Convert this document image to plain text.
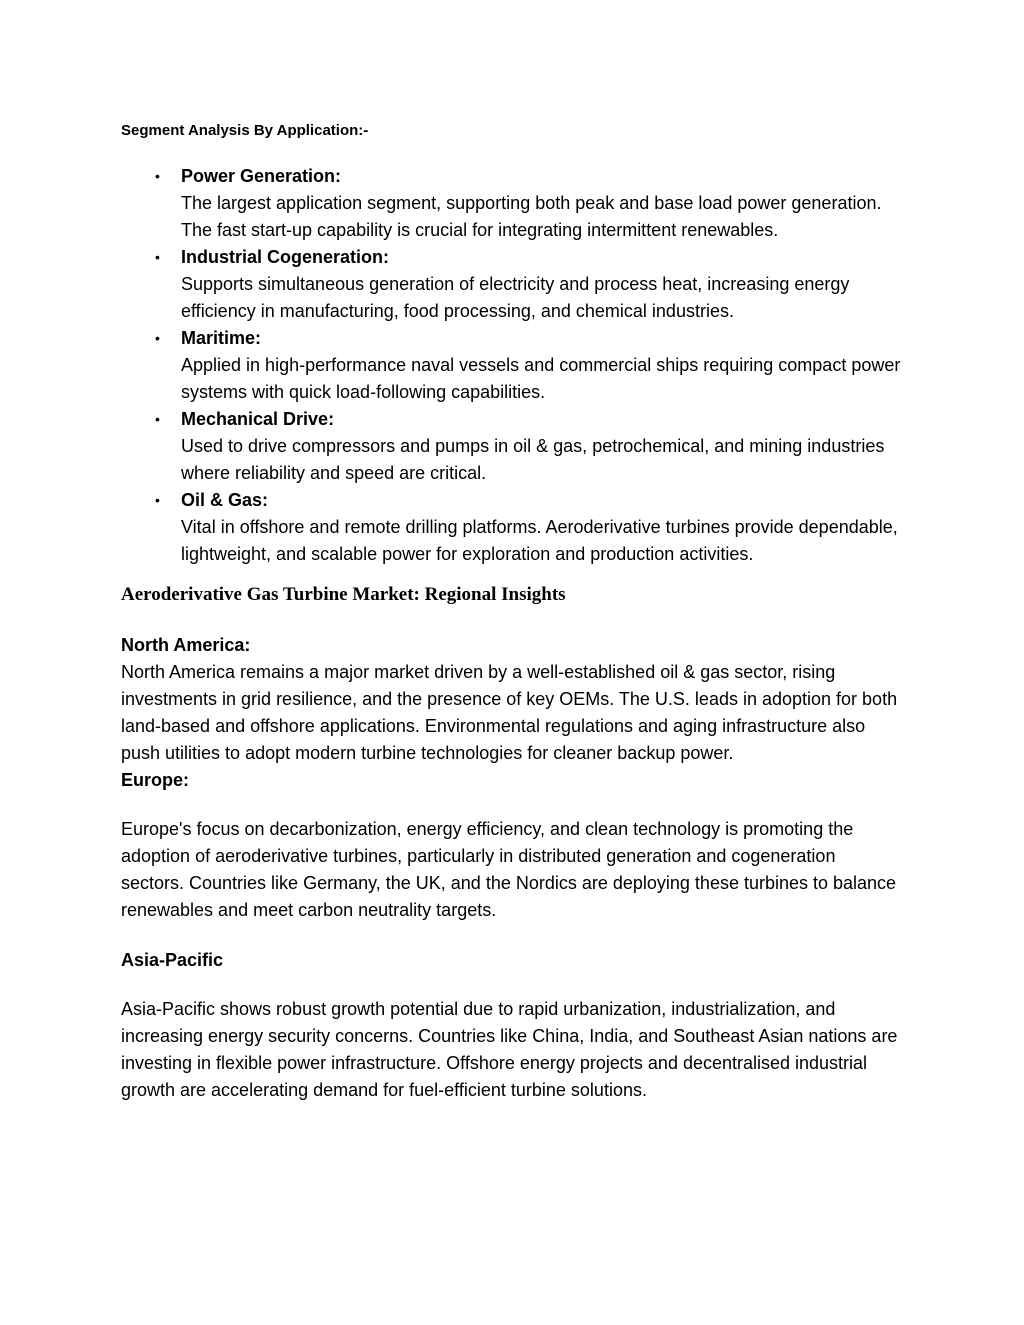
Segment Analysis By Application:-
• Power Generation:
The largest application segment, supporting both peak and base load power generation. The fast start-up capability is crucial for integrating intermittent renewables.
• Industrial Cogeneration:
Supports simultaneous generation of electricity and process heat, increasing energy efficiency in manufacturing, food processing, and chemical industries.
• Maritime:
Applied in high-performance naval vessels and commercial ships requiring compact power systems with quick load-following capabilities.
• Mechanical Drive:
Used to drive compressors and pumps in oil & gas, petrochemical, and mining industries where reliability and speed are critical.
• Oil & Gas:
Vital in offshore and remote drilling platforms. Aeroderivative turbines provide dependable, lightweight, and scalable power for exploration and production activities.
Aeroderivative Gas Turbine Market: Regional Insights
North America:

North America remains a major market driven by a well-established oil & gas sector, rising investments in grid resilience, and the presence of key OEMs. The U.S. leads in adoption for both land-based and offshore applications. Environmental regulations and aging infrastructure also push utilities to adopt modern turbine technologies for cleaner backup power.

Europe:

Europe's focus on decarbonization, energy efficiency, and clean technology is promoting the adoption of aeroderivative turbines, particularly in distributed generation and cogeneration sectors. Countries like Germany, the UK, and the Nordics are deploying these turbines to balance renewables and meet carbon neutrality targets.

Asia-Pacific

Asia-Pacific shows robust growth potential due to rapid urbanization, industrialization, and increasing energy security concerns. Countries like China, India, and Southeast Asian nations are investing in flexible power infrastructure. Offshore energy projects and decentralised industrial growth are accelerating demand for fuel-efficient turbine solutions.
